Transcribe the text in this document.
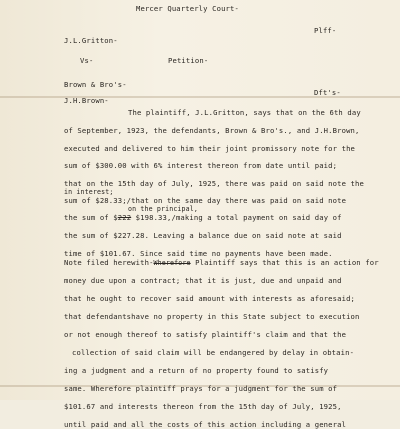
Mercer Quarterly Court-
Plff-
J.L.Gritton-
Vs-	Petition-
Brown & Bro's-
J.H.Brown-
Dft's-
The plaintiff, J.L.Gritton, says that on the 6th day
of September, 1923, the defendants, Brown & Bro's., and J.H.Brown,
executed and delivered to him their joint promissory note for the
sum of $300.00 with 6% interest thereon from date until paid;
that on the 15th day of July, 1925, there was paid on said note the
in interest;
sum of $28.33;/that on the same day there was paid on said note
on the principal,
the sum of $222 $198.33,/making a total payment on said day of
the sum of $227.28. Leaving a balance due on said note at said
time of $101.67. Since said time no payments have been made.
Note filed herewith-Wherefore Plaintiff says that this is an action for
money due upon a contract; that it is just, due and unpaid and
that he ought to recover said amount with interests as aforesaid;
that defendantshave no property in this State subject to execution
or not enough thereof to satisfy plaintiff's claim and that the
collection of said claim will be endangered by delay in obtain-
ing a judgment and a return of no property found to satisfy
same. Wherefore plaintiff prays for a judgment for the sum of
$101.67 and interests thereon from the 15th day of July, 1925,
until paid and all the costs of this action including a general
